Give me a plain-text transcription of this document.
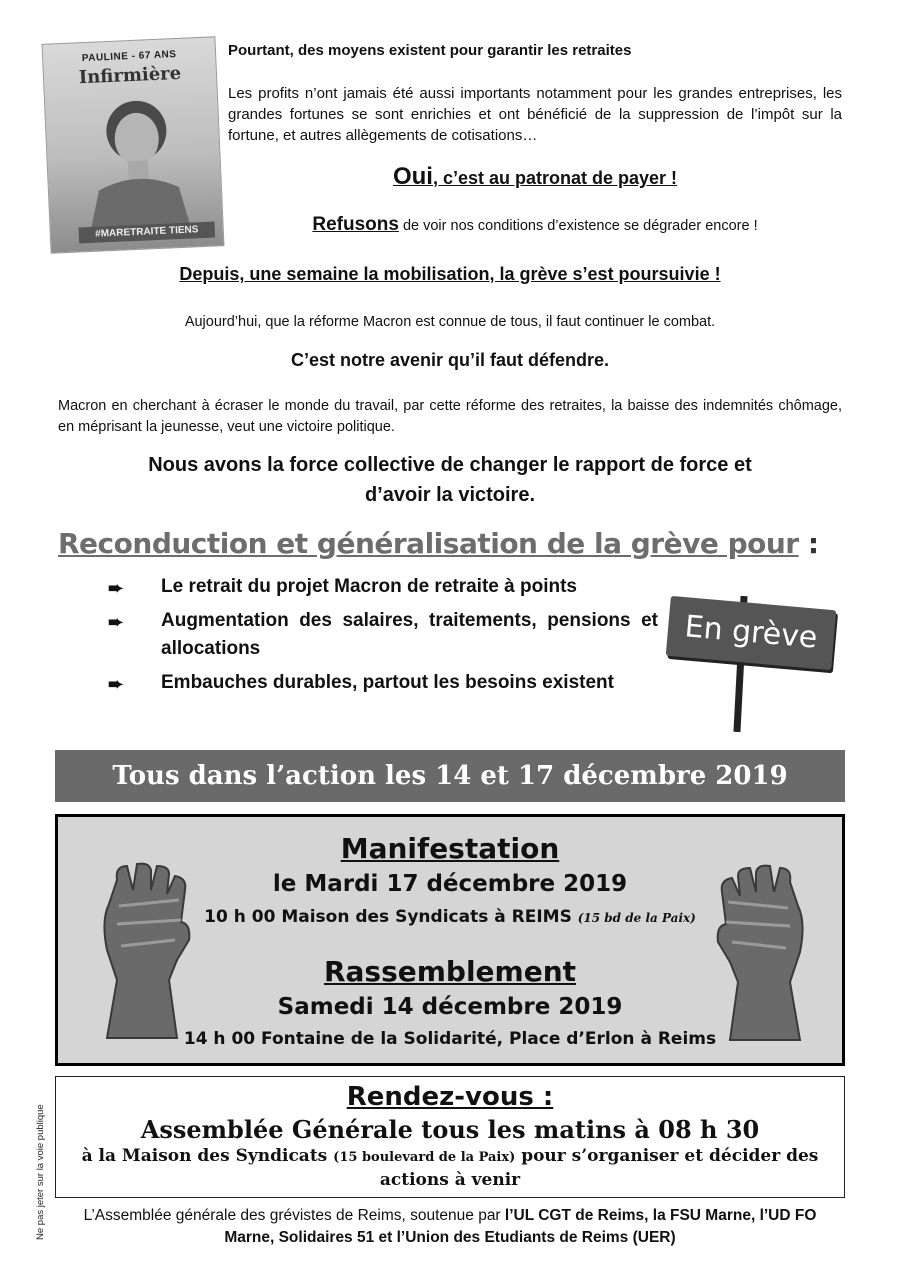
PAULINE - 67 ANS
Infirmière
#MARETRAITE TIENS
Pourtant, des moyens existent pour garantir les retraites
Les profits n’ont jamais été aussi importants notamment pour les grandes entreprises, les grandes fortunes se sont enrichies et ont bénéficié de la suppression de l’impôt sur la fortune, et autres allègements de cotisations…
Oui, c’est au patronat de payer !
Refusons de voir nos conditions d’existence se dégrader encore !
Depuis, une semaine la mobilisation, la grève s’est poursuivie !
Aujourd’hui, que la réforme Macron est connue de tous, il faut continuer le combat.
C’est notre avenir qu’il faut défendre.
Macron en cherchant à écraser le monde du travail, par cette réforme des retraites, la baisse des indemnités chômage, en méprisant la jeunesse, veut une victoire politique.
Nous avons la force collective de changer le rapport de force et
d’avoir la victoire.
Reconduction et généralisation de la grève pour :
➨ Le retrait du projet Macron de retraite à points
➨ Augmentation des salaires, traitements, pensions et allocations
➨ Embauches durables, partout les besoins existent
En grève
Tous dans l’action les 14 et 17 décembre 2019
Manifestation
le Mardi 17 décembre 2019
10 h 00 Maison des Syndicats à REIMS (15 bd de la Paix)
Rassemblement
Samedi 14 décembre 2019
14 h 00 Fontaine de la Solidarité, Place d’Erlon à Reims
Rendez-vous :
Assemblée Générale tous les matins à 08 h 30
à la Maison des Syndicats (15 boulevard de la Paix) pour s’organiser et décider des actions à venir
Ne pas jeter sur la voie publique	L’Assemblée générale des grévistes de Reims, soutenue par l’UL CGT de Reims, la FSU Marne, l’UD FO Marne, Solidaires 51 et l’Union des Etudiants de Reims (UER)
